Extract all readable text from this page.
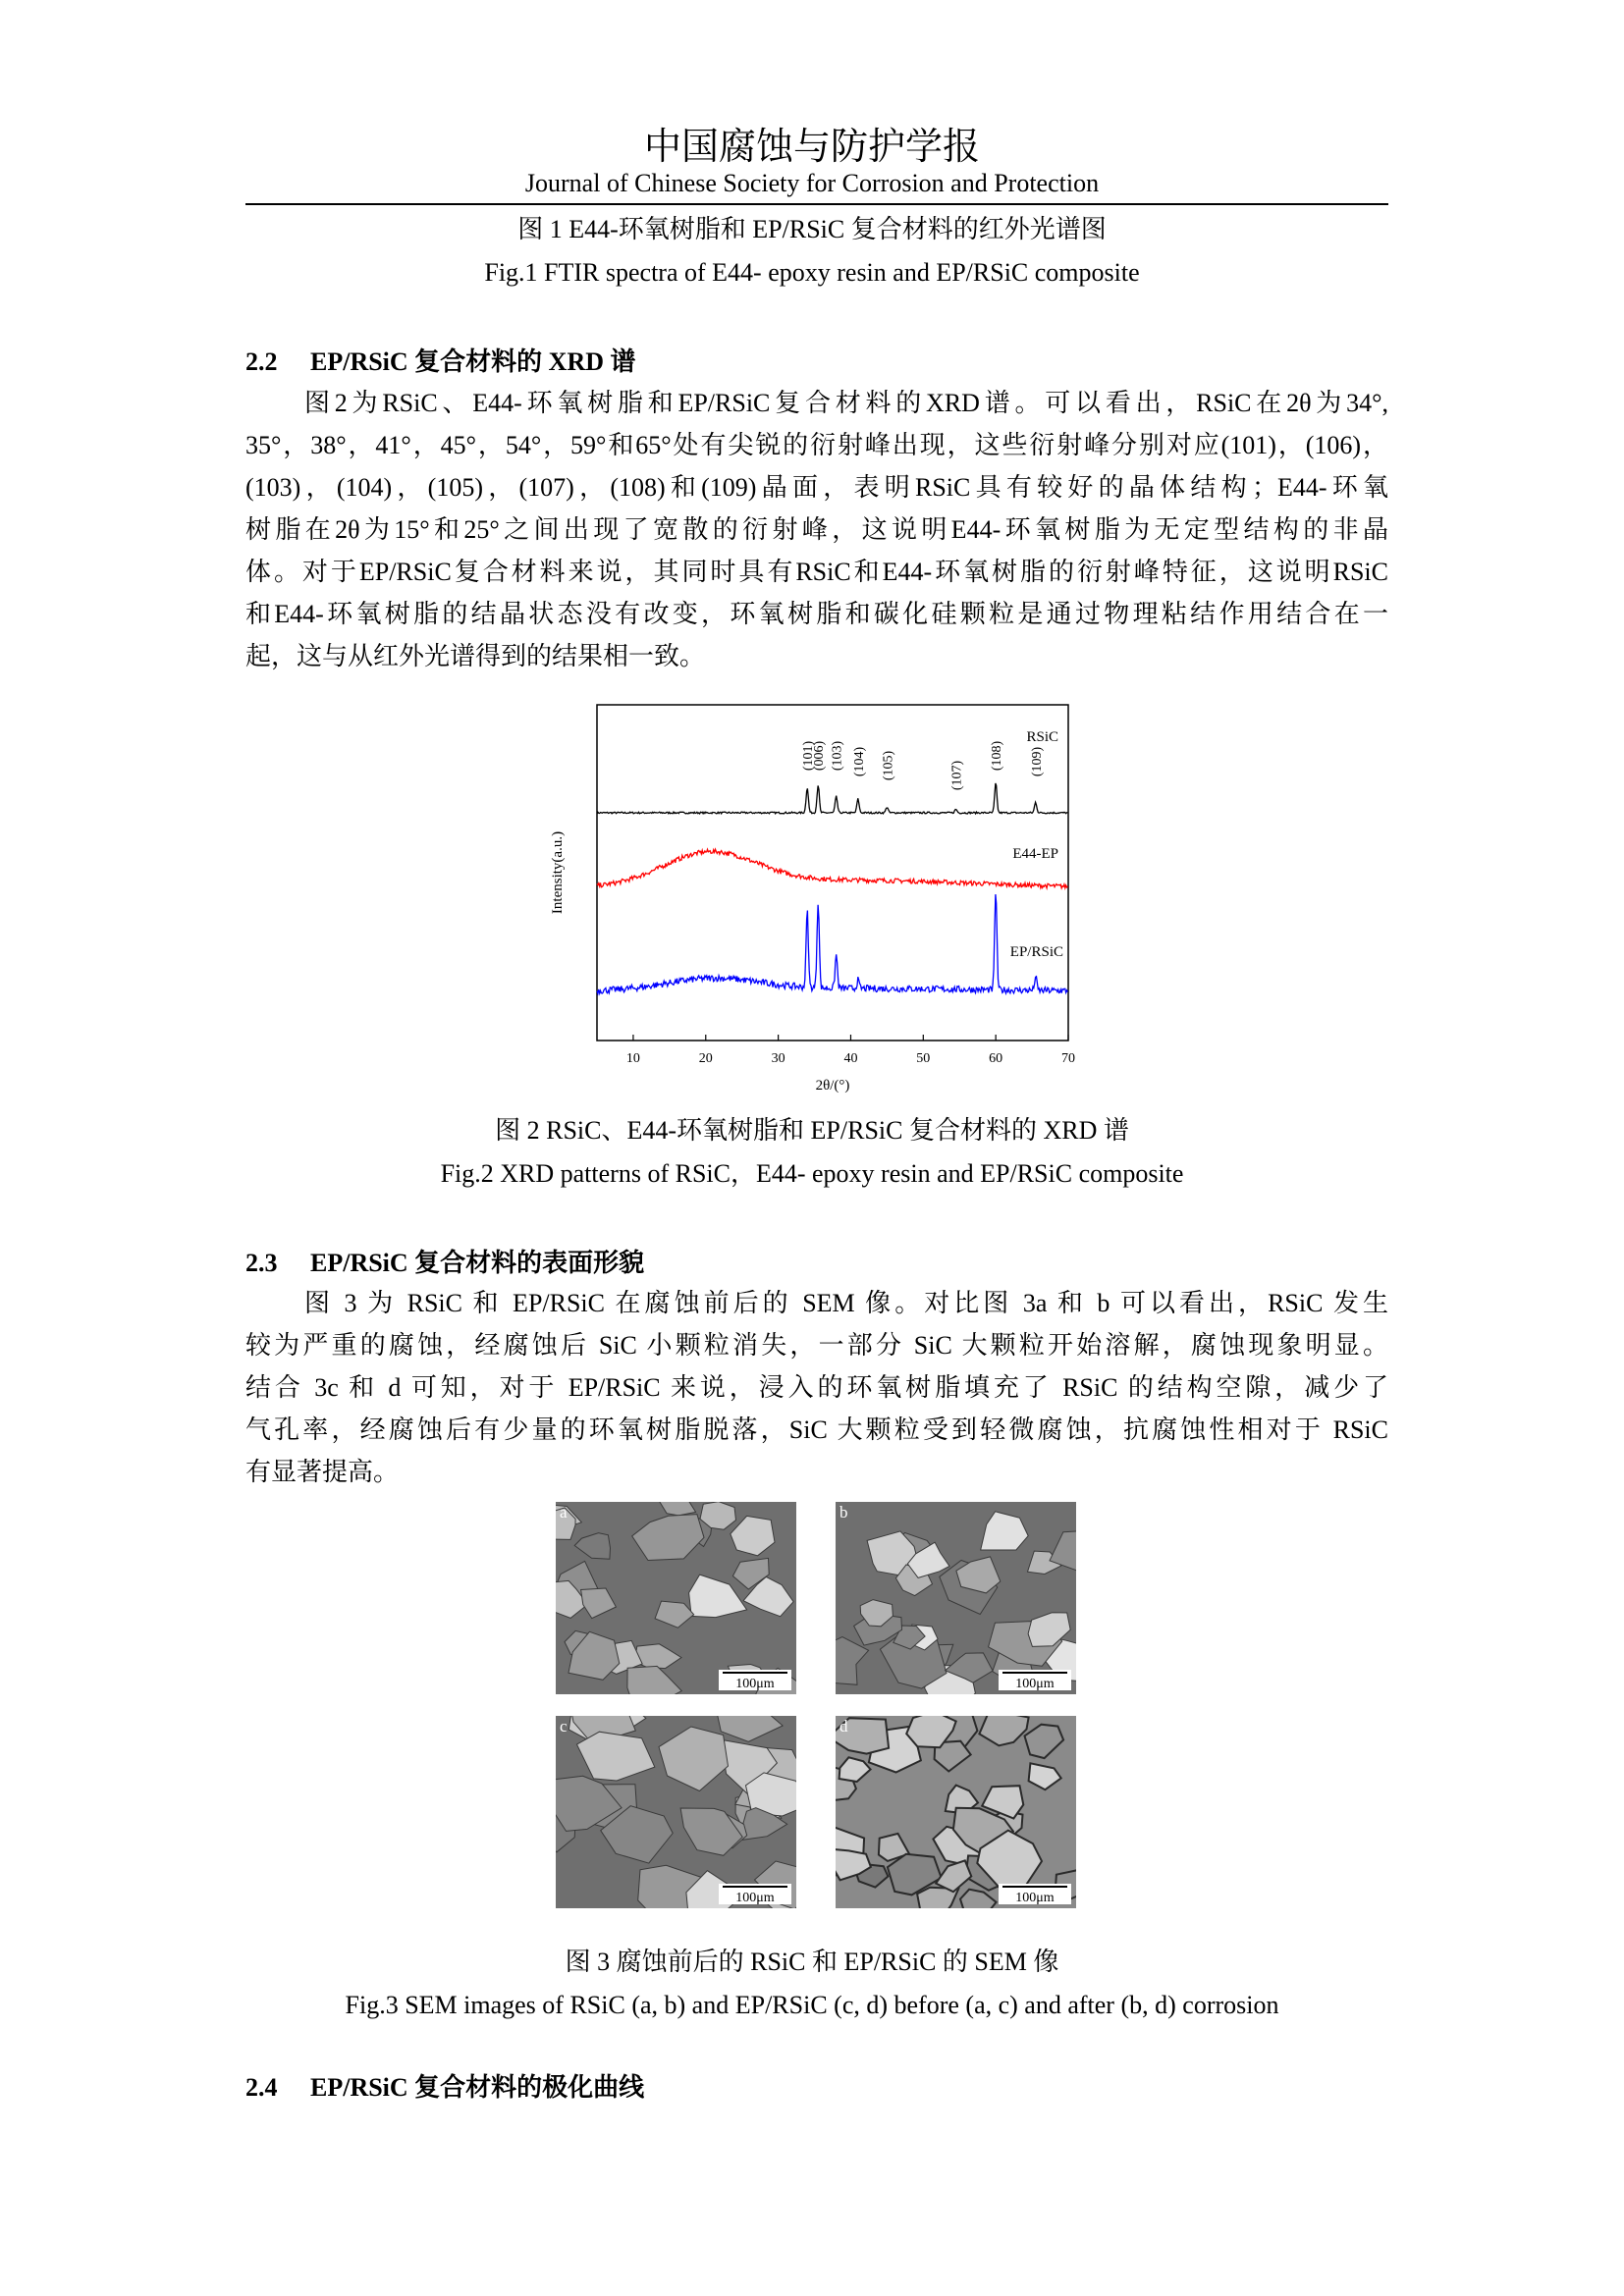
中国腐蚀与防护学报
Journal of Chinese Society for Corrosion and Protection
图 1 E44-环氧树脂和 EP/RSiC 复合材料的红外光谱图
Fig.1 FTIR spectra of E44- epoxy resin and EP/RSiC composite
2.2 EP/RSiC 复合材料的 XRD 谱
图2为RSiC、E44-环氧树脂和EP/RSiC复合材料的XRD谱。可以看出，RSiC在2θ为34°,
35°，38°，41°，45°，54°，59°和65°处有尖锐的衍射峰出现，这些衍射峰分别对应(101)，(106)，
(103)，(104)，(105)，(107)，(108)和(109)晶面，表明RSiC具有较好的晶体结构；E44-环氧
树脂在2θ为15°和25°之间出现了宽散的衍射峰，这说明E44-环氧树脂为无定型结构的非晶
体。对于EP/RSiC复合材料来说，其同时具有RSiC和E44-环氧树脂的衍射峰特征，这说明RSiC
和E44-环氧树脂的结晶状态没有改变，环氧树脂和碳化硅颗粒是通过物理粘结作用结合在一
起，这与从红外光谱得到的结果相一致。
10	20	30	40	50	60	70
(101)
(006) (103) (104) (105)	(107)
(108) (109)
RSiC
E44-EP
EP/RSiC
2θ/(°)
Intensity(a.u.)
图 2 RSiC、E44-环氧树脂和 EP/RSiC 复合材料的 XRD 谱
Fig.2 XRD patterns of RSiC，E44- epoxy resin and EP/RSiC composite
2.3 EP/RSiC 复合材料的表面形貌
图 3 为 RSiC 和 EP/RSiC 在腐蚀前后的 SEM 像。对比图 3a 和 b 可以看出，RSiC 发生
较为严重的腐蚀，经腐蚀后 SiC 小颗粒消失，一部分 SiC 大颗粒开始溶解，腐蚀现象明显。
结合 3c 和 d 可知，对于 EP/RSiC 来说，浸入的环氧树脂填充了 RSiC 的结构空隙，减少了
气孔率，经腐蚀后有少量的环氧树脂脱落，SiC 大颗粒受到轻微腐蚀，抗腐蚀性相对于 RSiC
有显著提高。
a
100μm
b
100μm
c
100μm
d
100μm
图 3 腐蚀前后的 RSiC 和 EP/RSiC 的 SEM 像
Fig.3 SEM images of RSiC (a, b) and EP/RSiC (c, d) before (a, c) and after (b, d) corrosion
2.4 EP/RSiC 复合材料的极化曲线
